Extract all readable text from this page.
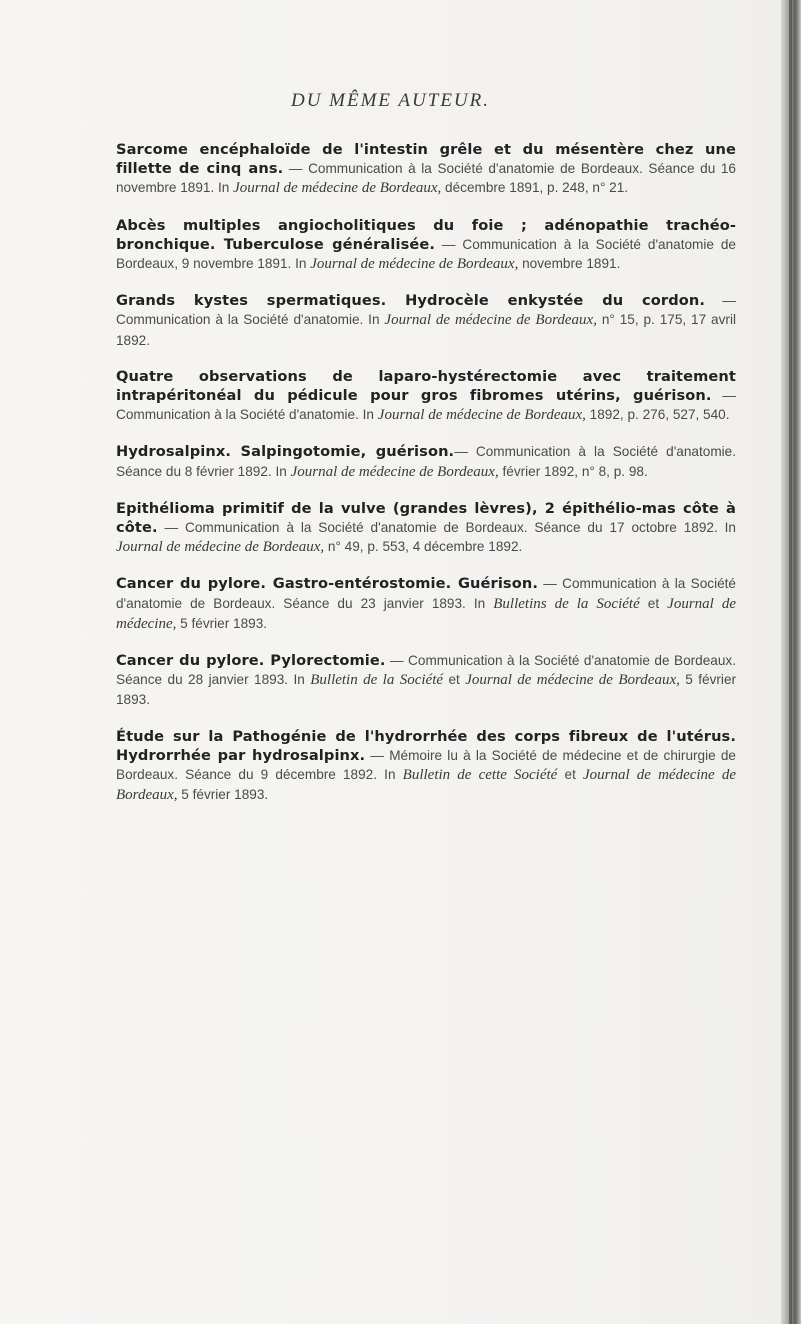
DU MÊME AUTEUR.

Sarcome encéphaloïde de l'intestin grêle et du mésentère chez une fillette de cinq ans. — Communication à la Société d'anatomie de Bordeaux. Séance du 16 novembre 1891. In Journal de médecine de Bordeaux, décembre 1891, p. 248, n° 21.

Abcès multiples angiocholitiques du foie ; adénopathie trachéo-bronchique. Tuberculose généralisée. — Communication à la Société d'anatomie de Bordeaux, 9 novembre 1891. In Journal de médecine de Bordeaux, novembre 1891.

Grands kystes spermatiques. Hydrocèle enkystée du cordon. — Communication à la Société d'anatomie. In Journal de médecine de Bordeaux, n° 15, p. 175, 17 avril 1892.

Quatre observations de laparo-hystérectomie avec traitement intrapéritonéal du pédicule pour gros fibromes utérins, guérison. — Communication à la Société d'anatomie. In Journal de médecine de Bordeaux, 1892, p. 276, 527, 540.

Hydrosalpinx. Salpingotomie, guérison.— Communication à la Société d'anatomie. Séance du 8 février 1892. In Journal de médecine de Bordeaux, février 1892, n° 8, p. 98.

Epithélioma primitif de la vulve (grandes lèvres), 2 épithélio-mas côte à côte. — Communication à la Société d'anatomie de Bordeaux. Séance du 17 octobre 1892. In Journal de médecine de Bordeaux, n° 49, p. 553, 4 décembre 1892.

Cancer du pylore. Gastro-entérostomie. Guérison. — Communication à la Société d'anatomie de Bordeaux. Séance du 23 janvier 1893. In Bulletins de la Société et Journal de médecine, 5 février 1893.

Cancer du pylore. Pylorectomie. — Communication à la Société d'anatomie de Bordeaux. Séance du 28 janvier 1893. In Bulletin de la Société et Journal de médecine de Bordeaux, 5 février 1893.

Étude sur la Pathogénie de l'hydrorrhée des corps fibreux de l'utérus. Hydrorrhée par hydrosalpinx. — Mémoire lu à la Société de médecine et de chirurgie de Bordeaux. Séance du 9 décembre 1892. In Bulletin de cette Société et Journal de médecine de Bordeaux, 5 février 1893.
